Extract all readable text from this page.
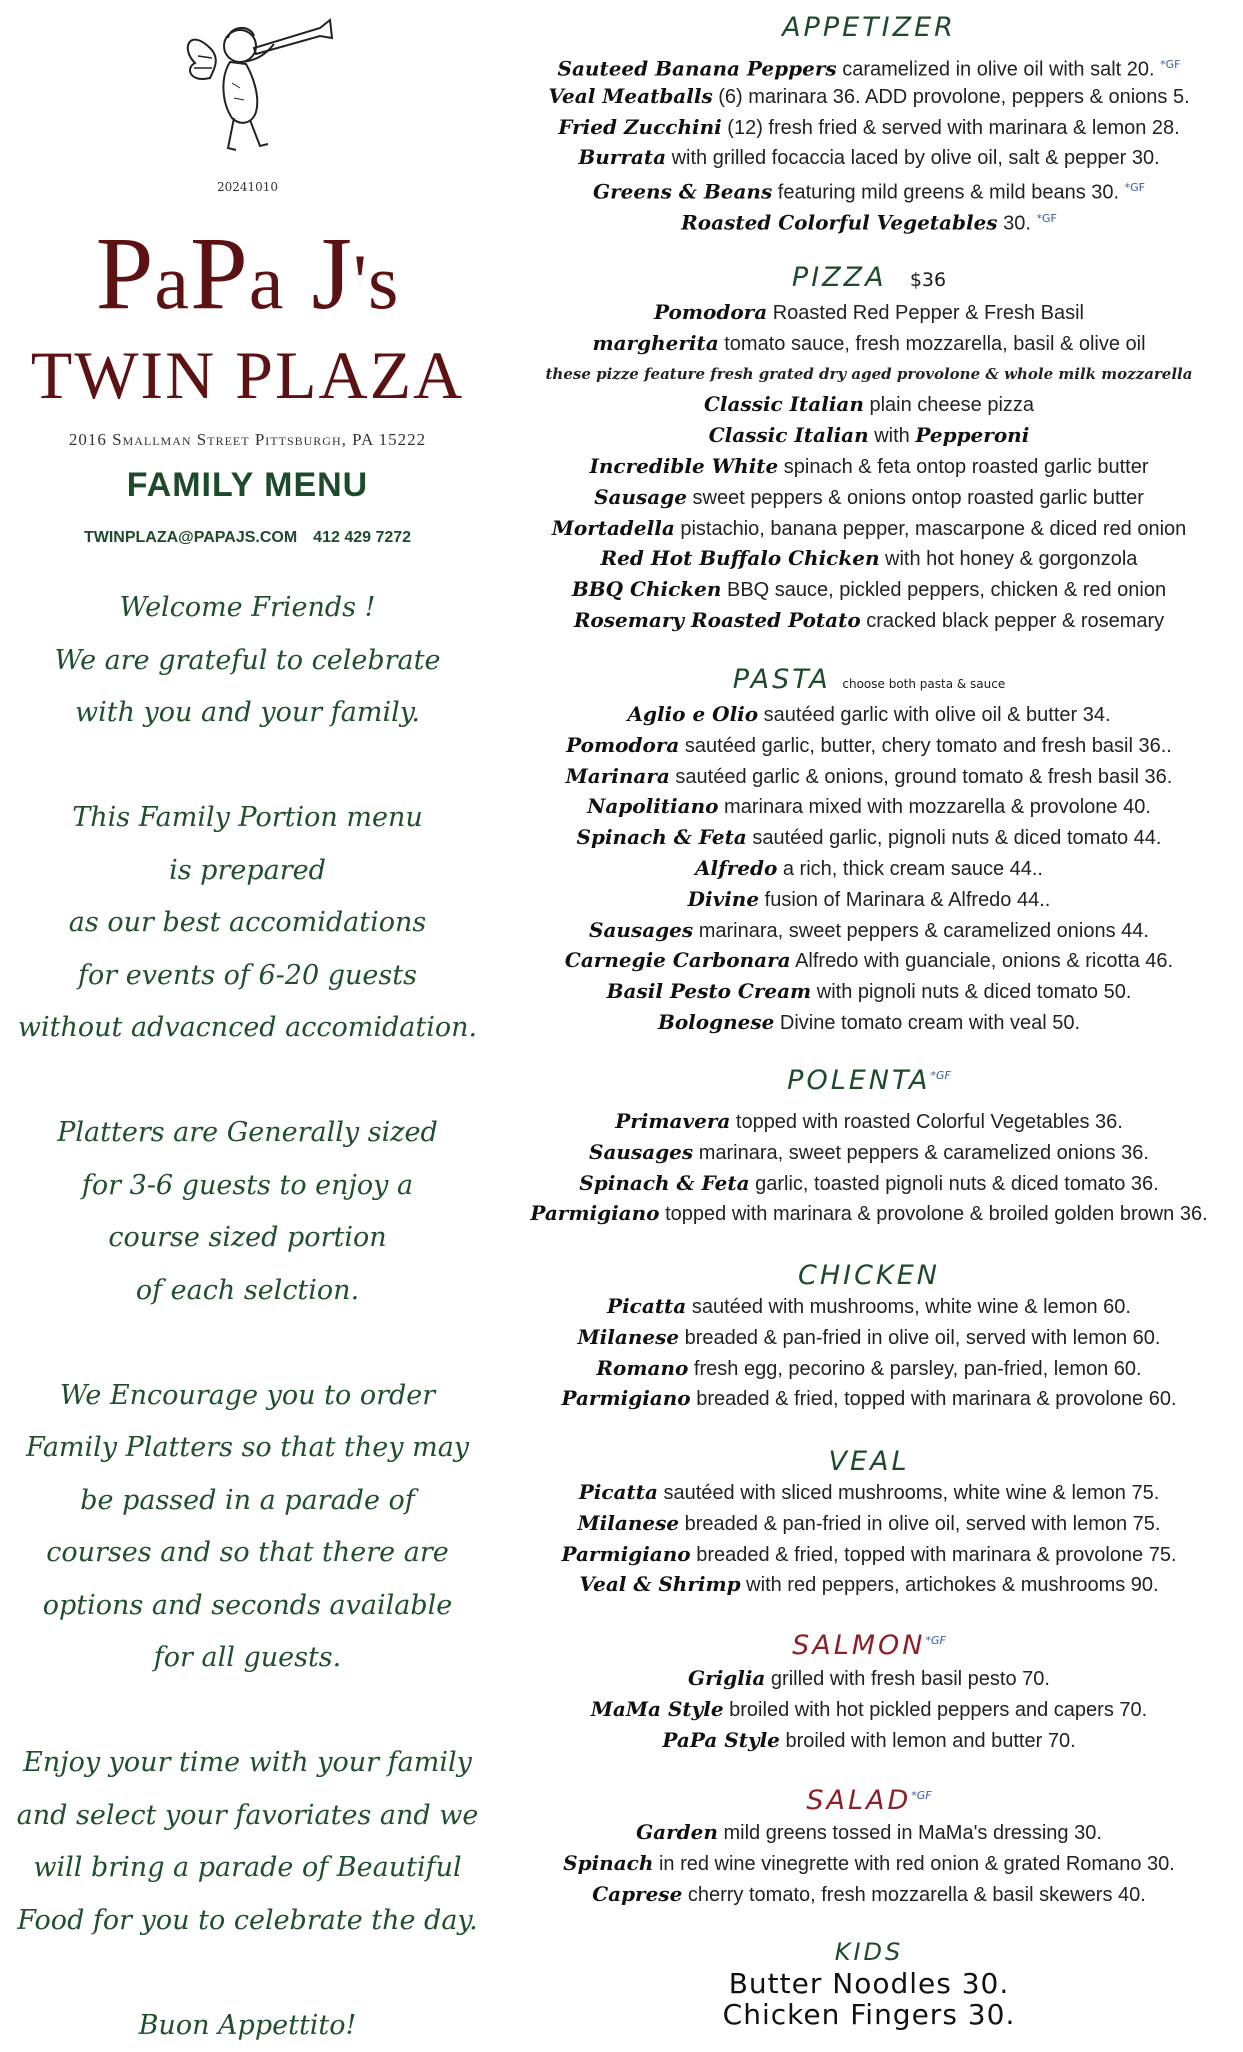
20241010
PaPa J's
TWIN PLAZA
2016 Smallman Street Pittsburgh, PA 15222
FAMILY MENU
TWINPLAZA@PAPAJS.COM 412 429 7272
Welcome Friends !
We are grateful to celebrate
with you and your family.

This Family Portion menu
is prepared
as our best accomidations
for events of 6-20 guests
without advacnced accomidation.

Platters are Generally sized
for 3-6 guests to enjoy a
course sized portion
of each selction.

We Encourage you to order
Family Platters so that they may
be passed in a parade of
courses and so that there are
options and seconds available
for all guests.

Enjoy your time with your family
and select your favoriates and we
will bring a parade of Beautiful
Food for you to celebrate the day.

Buon Appettito!
APPETIZER
Sauteed Banana Peppers caramelized in olive oil with salt 20. $^{*GF}$
Veal Meatballs (6) marinara 36. ADD provolone, peppers & onions 5.
Fried Zucchini (12) fresh fried & served with marinara & lemon 28.
Burrata with grilled focaccia laced by olive oil, salt & pepper 30.
Greens & Beans featuring mild greens & mild beans 30. $^{*GF}$
Roasted Colorful Vegetables 30. $^{*GF}$
PIZZA $36
Pomodora Roasted Red Pepper & Fresh Basil
margherita tomato sauce, fresh mozzarella, basil & olive oil
these pizze feature fresh grated dry aged provolone & whole milk mozzarella
Classic Italian plain cheese pizza
Classic Italian with Pepperoni
Incredible White spinach & feta ontop roasted garlic butter
Sausage sweet peppers & onions ontop roasted garlic butter
Mortadella pistachio, banana pepper, mascarpone & diced red onion
Red Hot Buffalo Chicken with hot honey & gorgonzola
BBQ Chicken BBQ sauce, pickled peppers, chicken & red onion
Rosemary Roasted Potato cracked black pepper & rosemary
PASTA choose both pasta & sauce
Aglio e Olio sautéed garlic with olive oil & butter 34.
Pomodora sautéed garlic, butter, chery tomato and fresh basil 36..
Marinara sautéed garlic & onions, ground tomato & fresh basil 36.
Napolitiano marinara mixed with mozzarella & provolone 40.
Spinach & Feta sautéed garlic, pignoli nuts & diced tomato 44.
Alfredo a rich, thick cream sauce 44..
Divine fusion of Marinara & Alfredo 44..
Sausages marinara, sweet peppers & caramelized onions 44.
Carnegie Carbonara Alfredo with guanciale, onions & ricotta 46.
Basil Pesto Cream with pignoli nuts & diced tomato 50.
Bolognese Divine tomato cream with veal 50.
$POLENTA^{*GF}$
Primavera topped with roasted Colorful Vegetables 36.
Sausages marinara, sweet peppers & caramelized onions 36.
Spinach & Feta garlic, toasted pignoli nuts & diced tomato 36.
Parmigiano topped with marinara & provolone & broiled golden brown 36.
CHICKEN
Picatta sautéed with mushrooms, white wine & lemon 60.
Milanese breaded & pan-fried in olive oil, served with lemon 60.
Romano fresh egg, pecorino & parsley, pan-fried, lemon 60.
Parmigiano breaded & fried, topped with marinara & provolone 60.
VEAL
Picatta sautéed with sliced mushrooms, white wine & lemon 75.
Milanese breaded & pan-fried in olive oil, served with lemon 75.
Parmigiano breaded & fried, topped with marinara & provolone 75.
Veal & Shrimp with red peppers, artichokes & mushrooms 90.
$SALMON^{*GF}$
Griglia grilled with fresh basil pesto 70.
MaMa Style broiled with hot pickled peppers and capers 70.
PaPa Style broiled with lemon and butter 70.
$SALAD^{*GF}$
Garden mild greens tossed in MaMa's dressing 30.
Spinach in red wine vinegrette with red onion & grated Romano 30.
Caprese cherry tomato, fresh mozzarella & basil skewers 40.
KIDS
Butter Noodles 30.
Chicken Fingers 30.
